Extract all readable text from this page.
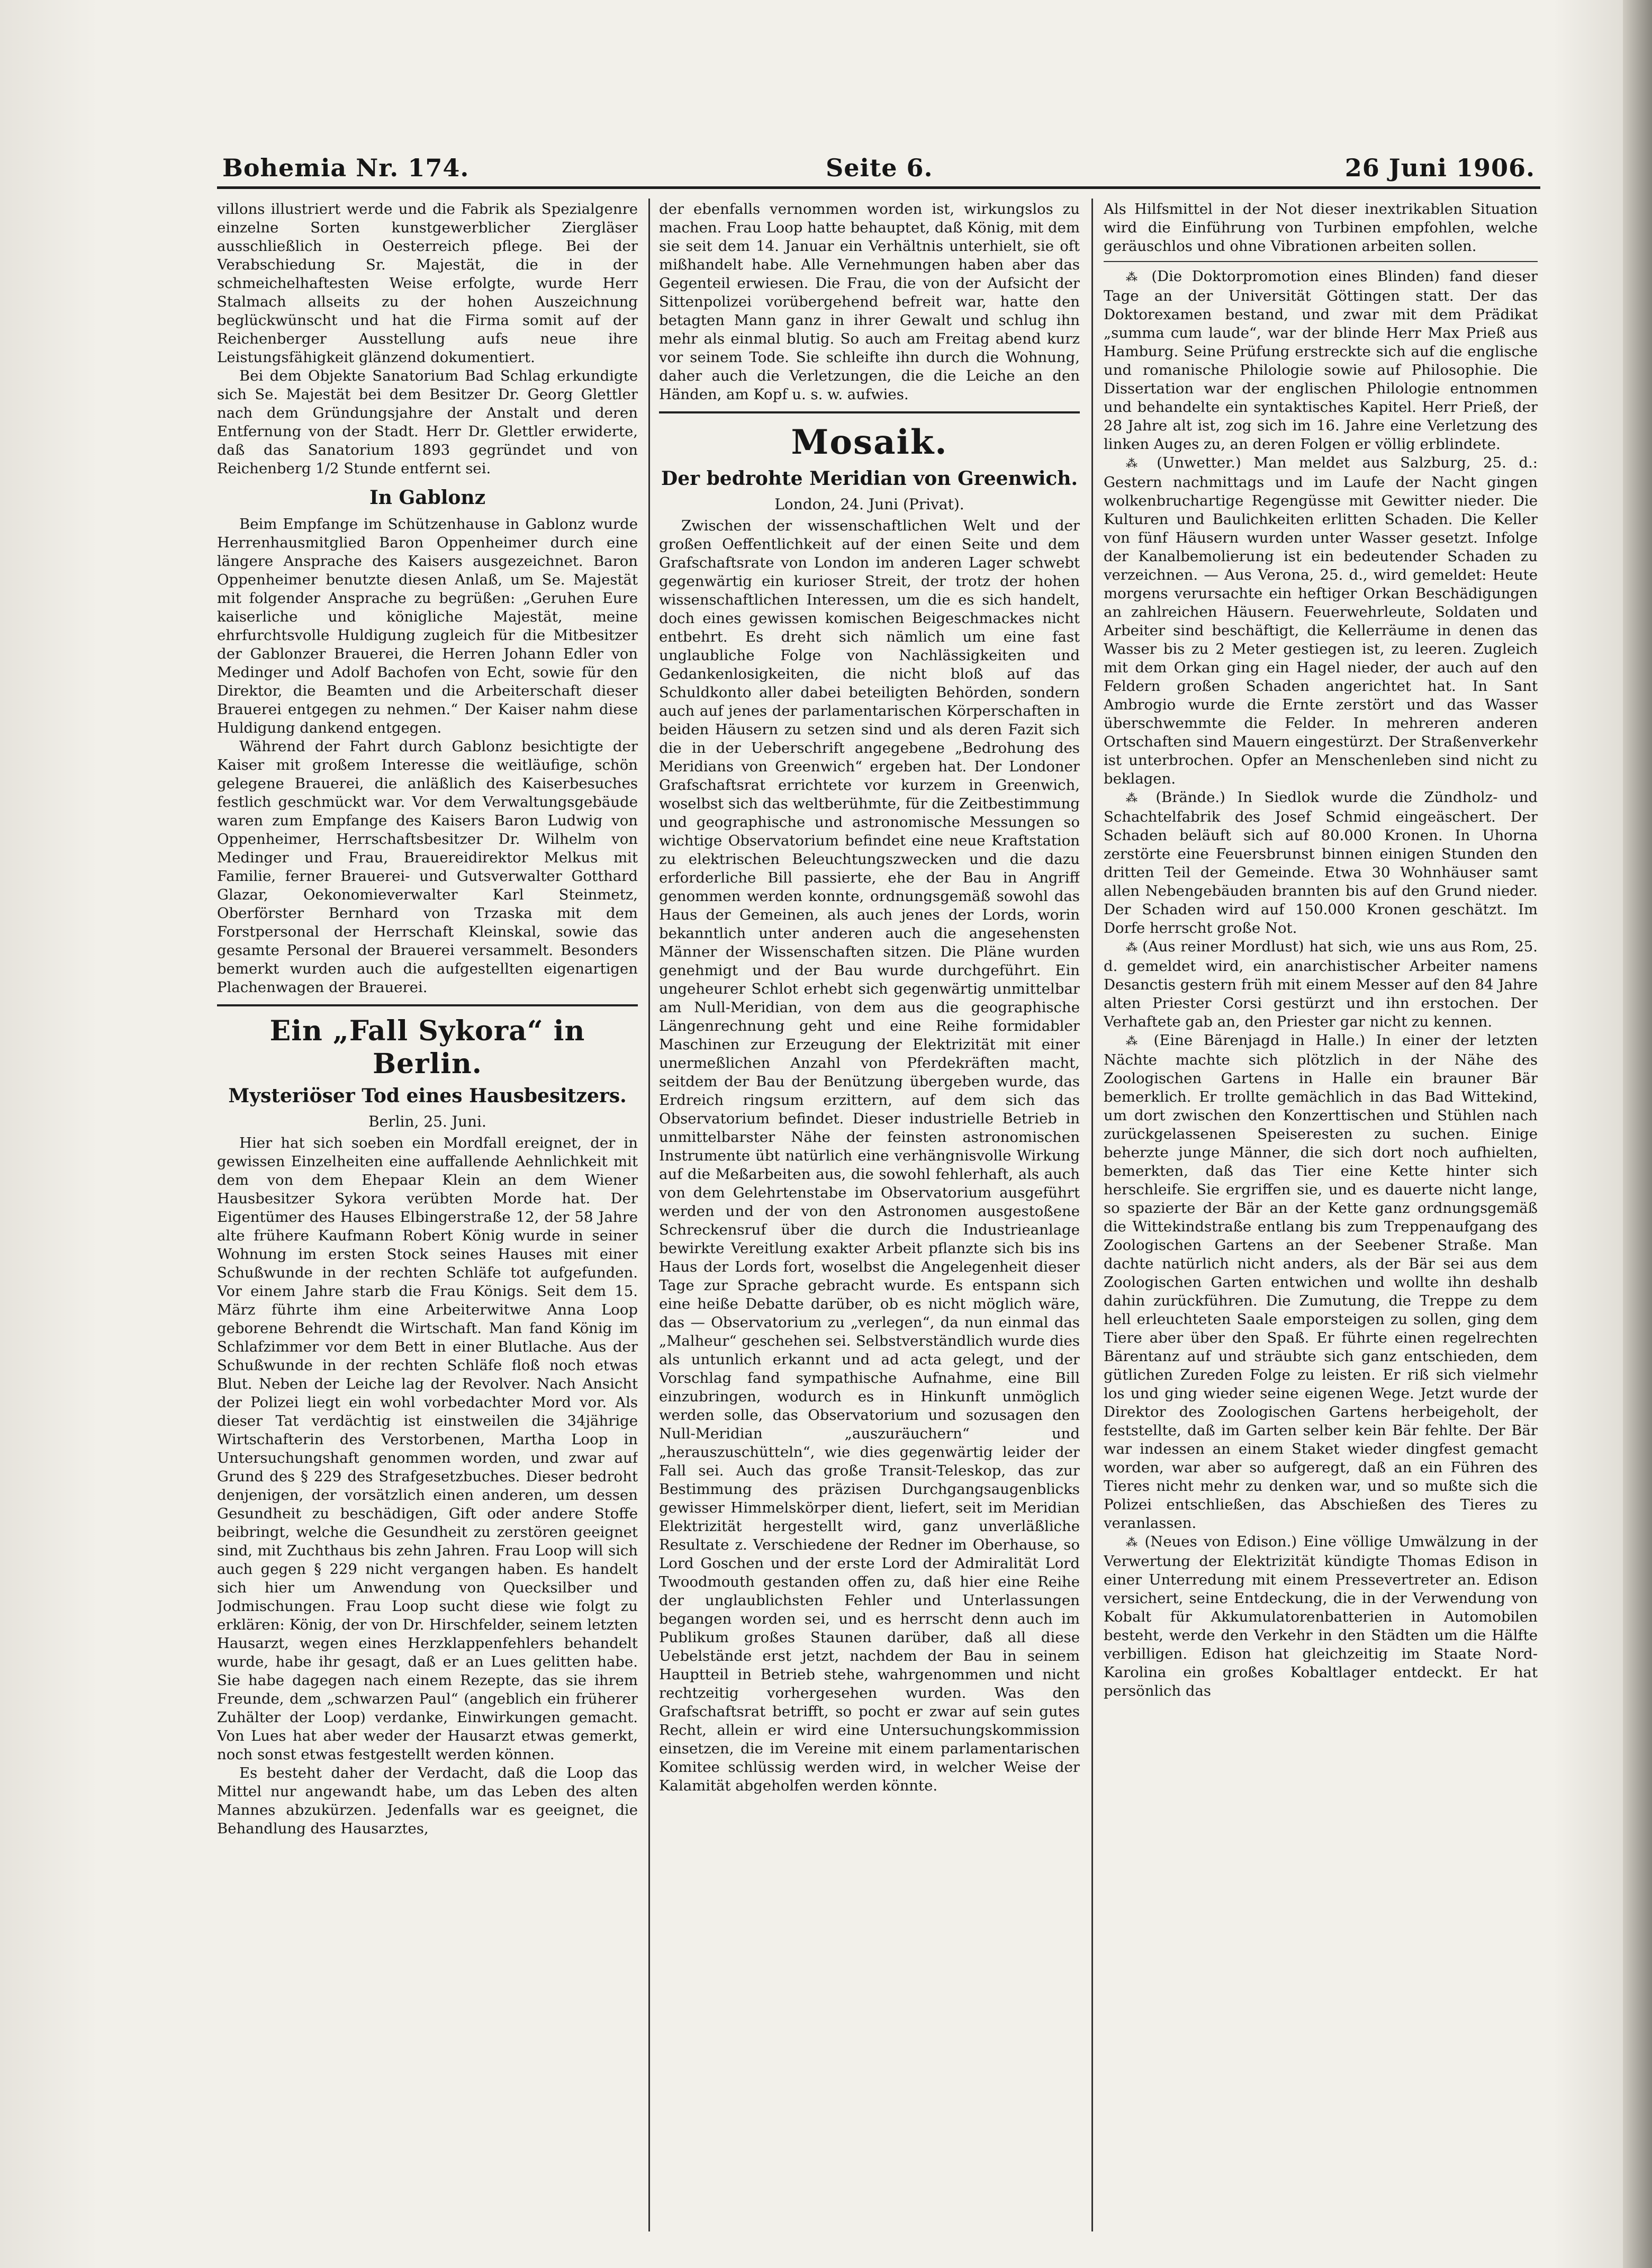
Bohemia Nr. 174.	Seite 6.	26 Juni 1906.

villons illustriert werde und die Fabrik als Spezialgenre einzelne Sorten kunstgewerblicher Ziergläser ausschließlich in Oesterreich pflege. Bei der Verabschiedung Sr. Majestät, die in der schmeichelhaftesten Weise erfolgte, wurde Herr Stalmach allseits zu der hohen Auszeichnung beglückwünscht und hat die Firma somit auf der Reichenberger Ausstellung aufs neue ihre Leistungsfähigkeit glänzend dokumentiert.

Bei dem Objekte Sanatorium Bad Schlag erkundigte sich Se. Majestät bei dem Besitzer Dr. Georg Glettler nach dem Gründungsjahre der Anstalt und deren Entfernung von der Stadt. Herr Dr. Glettler erwiderte, daß das Sanatorium 1893 gegründet und von Reichenberg 1/2 Stunde entfernt sei.

In Gablonz

Beim Empfange im Schützenhause in Gablonz wurde Herrenhausmitglied Baron Oppenheimer durch eine längere Ansprache des Kaisers ausgezeichnet. Baron Oppenheimer benutzte diesen Anlaß, um Se. Majestät mit folgender Ansprache zu begrüßen: „Geruhen Eure kaiserliche und königliche Majestät, meine ehrfurchtsvolle Huldigung zugleich für die Mitbesitzer der Gablonzer Brauerei, die Herren Johann Edler von Medinger und Adolf Bachofen von Echt, sowie für den Direktor, die Beamten und die Arbeiterschaft dieser Brauerei entgegen zu nehmen.“ Der Kaiser nahm diese Huldigung dankend entgegen.

Während der Fahrt durch Gablonz besichtigte der Kaiser mit großem Interesse die weitläufige, schön gelegene Brauerei, die anläßlich des Kaiserbesuches festlich geschmückt war. Vor dem Verwaltungsgebäude waren zum Empfange des Kaisers Baron Ludwig von Oppenheimer, Herrschaftsbesitzer Dr. Wilhelm von Medinger und Frau, Brauereidirektor Melkus mit Familie, ferner Brauerei- und Gutsverwalter Gotthard Glazar, Oekonomieverwalter Karl Steinmetz, Oberförster Bernhard von Trzaska mit dem Forstpersonal der Herrschaft Kleinskal, sowie das gesamte Personal der Brauerei versammelt. Besonders bemerkt wurden auch die aufgestellten eigenartigen Plachenwagen der Brauerei.

Ein „Fall Sykora“ in Berlin.
Mysteriöser Tod eines Hausbesitzers.
Berlin, 25. Juni.

Hier hat sich soeben ein Mordfall ereignet, der in gewissen Einzelheiten eine auffallende Aehnlichkeit mit dem von dem Ehepaar Klein an dem Wiener Hausbesitzer Sykora verübten Morde hat. Der Eigentümer des Hauses Elbingerstraße 12, der 58 Jahre alte frühere Kaufmann Robert König wurde in seiner Wohnung im ersten Stock seines Hauses mit einer Schußwunde in der rechten Schläfe tot aufgefunden. Vor einem Jahre starb die Frau Königs. Seit dem 15. März führte ihm eine Arbeiterwitwe Anna Loop geborene Behrendt die Wirtschaft. Man fand König im Schlafzimmer vor dem Bett in einer Blutlache. Aus der Schußwunde in der rechten Schläfe floß noch etwas Blut. Neben der Leiche lag der Revolver. Nach Ansicht der Polizei liegt ein wohl vorbedachter Mord vor. Als dieser Tat verdächtig ist einstweilen die 34jährige Wirtschafterin des Verstorbenen, Martha Loop in Untersuchungshaft genommen worden, und zwar auf Grund des § 229 des Strafgesetzbuches. Dieser bedroht denjenigen, der vorsätzlich einen anderen, um dessen Gesundheit zu beschädigen, Gift oder andere Stoffe beibringt, welche die Gesundheit zu zerstören geeignet sind, mit Zuchthaus bis zehn Jahren. Frau Loop will sich auch gegen § 229 nicht vergangen haben. Es handelt sich hier um Anwendung von Quecksilber und Jodmischungen. Frau Loop sucht diese wie folgt zu erklären: König, der von Dr. Hirschfelder, seinem letzten Hausarzt, wegen eines Herzklappenfehlers behandelt wurde, habe ihr gesagt, daß er an Lues gelitten habe. Sie habe dagegen nach einem Rezepte, das sie ihrem Freunde, dem „schwarzen Paul“ (angeblich ein früherer Zuhälter der Loop) verdanke, Einwirkungen gemacht. Von Lues hat aber weder der Hausarzt etwas gemerkt, noch sonst etwas festgestellt werden können.

Es besteht daher der Verdacht, daß die Loop das Mittel nur angewandt habe, um das Leben des alten Mannes abzukürzen. Jedenfalls war es geeignet, die Behandlung des Hausarztes,

der ebenfalls vernommen worden ist, wirkungslos zu machen. Frau Loop hatte behauptet, daß König, mit dem sie seit dem 14. Januar ein Verhältnis unterhielt, sie oft mißhandelt habe. Alle Vernehmungen haben aber das Gegenteil erwiesen. Die Frau, die von der Aufsicht der Sittenpolizei vorübergehend befreit war, hatte den betagten Mann ganz in ihrer Gewalt und schlug ihn mehr als einmal blutig. So auch am Freitag abend kurz vor seinem Tode. Sie schleifte ihn durch die Wohnung, daher auch die Verletzungen, die die Leiche an den Händen, am Kopf u. s. w. aufwies.

Mosaik.
Der bedrohte Meridian von Greenwich.
London, 24. Juni (Privat).

Zwischen der wissenschaftlichen Welt und der großen Oeffentlichkeit auf der einen Seite und dem Grafschaftsrate von London im anderen Lager schwebt gegenwärtig ein kurioser Streit, der trotz der hohen wissenschaftlichen Interessen, um die es sich handelt, doch eines gewissen komischen Beigeschmackes nicht entbehrt. Es dreht sich nämlich um eine fast unglaubliche Folge von Nachlässigkeiten und Gedankenlosigkeiten, die nicht bloß auf das Schuldkonto aller dabei beteiligten Behörden, sondern auch auf jenes der parlamentarischen Körperschaften in beiden Häusern zu setzen sind und als deren Fazit sich die in der Ueberschrift angegebene „Bedrohung des Meridians von Greenwich“ ergeben hat. Der Londoner Grafschaftsrat errichtete vor kurzem in Greenwich, woselbst sich das weltberühmte, für die Zeitbestimmung und geographische und astronomische Messungen so wichtige Observatorium befindet eine neue Kraftstation zu elektrischen Beleuchtungszwecken und die dazu erforderliche Bill passierte, ehe der Bau in Angriff genommen werden konnte, ordnungsgemäß sowohl das Haus der Gemeinen, als auch jenes der Lords, worin bekanntlich unter anderen auch die angesehensten Männer der Wissenschaften sitzen. Die Pläne wurden genehmigt und der Bau wurde durchgeführt. Ein ungeheurer Schlot erhebt sich gegenwärtig unmittelbar am Null-Meridian, von dem aus die geographische Längenrechnung geht und eine Reihe formidabler Maschinen zur Erzeugung der Elektrizität mit einer unermeßlichen Anzahl von Pferdekräften macht, seitdem der Bau der Benützung übergeben wurde, das Erdreich ringsum erzittern, auf dem sich das Observatorium befindet. Dieser industrielle Betrieb in unmittelbarster Nähe der feinsten astronomischen Instrumente übt natürlich eine verhängnisvolle Wirkung auf die Meßarbeiten aus, die sowohl fehlerhaft, als auch von dem Gelehrtenstabe im Observatorium ausgeführt werden und der von den Astronomen ausgestoßene Schreckensruf über die durch die Industrieanlage bewirkte Vereitlung exakter Arbeit pflanzte sich bis ins Haus der Lords fort, woselbst die Angelegenheit dieser Tage zur Sprache gebracht wurde. Es entspann sich eine heiße Debatte darüber, ob es nicht möglich wäre, das — Observatorium zu „verlegen“, da nun einmal das „Malheur“ geschehen sei. Selbstverständlich wurde dies als untunlich erkannt und ad acta gelegt, und der Vorschlag fand sympathische Aufnahme, eine Bill einzubringen, wodurch es in Hinkunft unmöglich werden solle, das Observatorium und sozusagen den Null-Meridian „auszuräuchern“ und „herauszuschütteln“, wie dies gegenwärtig leider der Fall sei. Auch das große Transit-Teleskop, das zur Bestimmung des präzisen Durchgangsaugenblicks gewisser Himmelskörper dient, liefert, seit im Meridian Elektrizität hergestellt wird, ganz unverläßliche Resultate z. Verschiedene der Redner im Oberhause, so Lord Goschen und der erste Lord der Admiralität Lord Twoodmouth gestanden offen zu, daß hier eine Reihe der unglaublichsten Fehler und Unterlassungen begangen worden sei, und es herrscht denn auch im Publikum großes Staunen darüber, daß all diese Uebelstände erst jetzt, nachdem der Bau in seinem Hauptteil in Betrieb stehe, wahrgenommen und nicht rechtzeitig vorhergesehen wurden. Was den Grafschaftsrat betrifft, so pocht er zwar auf sein gutes Recht, allein er wird eine Untersuchungskommission einsetzen, die im Vereine mit einem parlamentarischen Komitee schlüssig werden wird, in welcher Weise der Kalamität abgeholfen werden könnte.

Als Hilfsmittel in der Not dieser inextrikablen Situation wird die Einführung von Turbinen empfohlen, welche geräuschlos und ohne Vibrationen arbeiten sollen.

⁂ (Die Doktorpromotion eines Blinden) fand dieser Tage an der Universität Göttingen statt. Der das Doktorexamen bestand, und zwar mit dem Prädikat „summa cum laude“, war der blinde Herr Max Prieß aus Hamburg. Seine Prüfung erstreckte sich auf die englische und romanische Philologie sowie auf Philosophie. Die Dissertation war der englischen Philologie entnommen und behandelte ein syntaktisches Kapitel. Herr Prieß, der 28 Jahre alt ist, zog sich im 16. Jahre eine Verletzung des linken Auges zu, an deren Folgen er völlig erblindete.

⁂ (Unwetter.) Man meldet aus Salzburg, 25. d.: Gestern nachmittags und im Laufe der Nacht gingen wolkenbruchartige Regengüsse mit Gewitter nieder. Die Kulturen und Baulichkeiten erlitten Schaden. Die Keller von fünf Häusern wurden unter Wasser gesetzt. Infolge der Kanalbemolierung ist ein bedeutender Schaden zu verzeichnen. — Aus Verona, 25. d., wird gemeldet: Heute morgens verursachte ein heftiger Orkan Beschädigungen an zahlreichen Häusern. Feuerwehrleute, Soldaten und Arbeiter sind beschäftigt, die Kellerräume in denen das Wasser bis zu 2 Meter gestiegen ist, zu leeren. Zugleich mit dem Orkan ging ein Hagel nieder, der auch auf den Feldern großen Schaden angerichtet hat. In Sant Ambrogio wurde die Ernte zerstört und das Wasser überschwemmte die Felder. In mehreren anderen Ortschaften sind Mauern eingestürzt. Der Straßenverkehr ist unterbrochen. Opfer an Menschenleben sind nicht zu beklagen.

⁂ (Brände.) In Siedlok wurde die Zündholz- und Schachtelfabrik des Josef Schmid eingeäschert. Der Schaden beläuft sich auf 80.000 Kronen. In Uhorna zerstörte eine Feuersbrunst binnen einigen Stunden den dritten Teil der Gemeinde. Etwa 30 Wohnhäuser samt allen Nebengebäuden brannten bis auf den Grund nieder. Der Schaden wird auf 150.000 Kronen geschätzt. Im Dorfe herrscht große Not.

⁂ (Aus reiner Mordlust) hat sich, wie uns aus Rom, 25. d. gemeldet wird, ein anarchistischer Arbeiter namens Desanctis gestern früh mit einem Messer auf den 84 Jahre alten Priester Corsi gestürzt und ihn erstochen. Der Verhaftete gab an, den Priester gar nicht zu kennen.

⁂ (Eine Bärenjagd in Halle.) In einer der letzten Nächte machte sich plötzlich in der Nähe des Zoologischen Gartens in Halle ein brauner Bär bemerklich. Er trollte gemächlich in das Bad Wittekind, um dort zwischen den Konzerttischen und Stühlen nach zurückgelassenen Speiseresten zu suchen. Einige beherzte junge Männer, die sich dort noch aufhielten, bemerkten, daß das Tier eine Kette hinter sich herschleife. Sie ergriffen sie, und es dauerte nicht lange, so spazierte der Bär an der Kette ganz ordnungsgemäß die Wittekindstraße entlang bis zum Treppenaufgang des Zoologischen Gartens an der Seebener Straße. Man dachte natürlich nicht anders, als der Bär sei aus dem Zoologischen Garten entwichen und wollte ihn deshalb dahin zurückführen. Die Zumutung, die Treppe zu dem hell erleuchteten Saale emporsteigen zu sollen, ging dem Tiere aber über den Spaß. Er führte einen regelrechten Bärentanz auf und sträubte sich ganz entschieden, dem gütlichen Zureden Folge zu leisten. Er riß sich vielmehr los und ging wieder seine eigenen Wege. Jetzt wurde der Direktor des Zoologischen Gartens herbeigeholt, der feststellte, daß im Garten selber kein Bär fehlte. Der Bär war indessen an einem Staket wieder dingfest gemacht worden, war aber so aufgeregt, daß an ein Führen des Tieres nicht mehr zu denken war, und so mußte sich die Polizei entschließen, das Abschießen des Tieres zu veranlassen.

⁂ (Neues von Edison.) Eine völlige Umwälzung in der Verwertung der Elektrizität kündigte Thomas Edison in einer Unterredung mit einem Pressevertreter an. Edison versichert, seine Entdeckung, die in der Verwendung von Kobalt für Akkumulatorenbatterien in Automobilen besteht, werde den Verkehr in den Städten um die Hälfte verbilligen. Edison hat gleichzeitig im Staate Nord-Karolina ein großes Kobaltlager entdeckt. Er hat persönlich das
